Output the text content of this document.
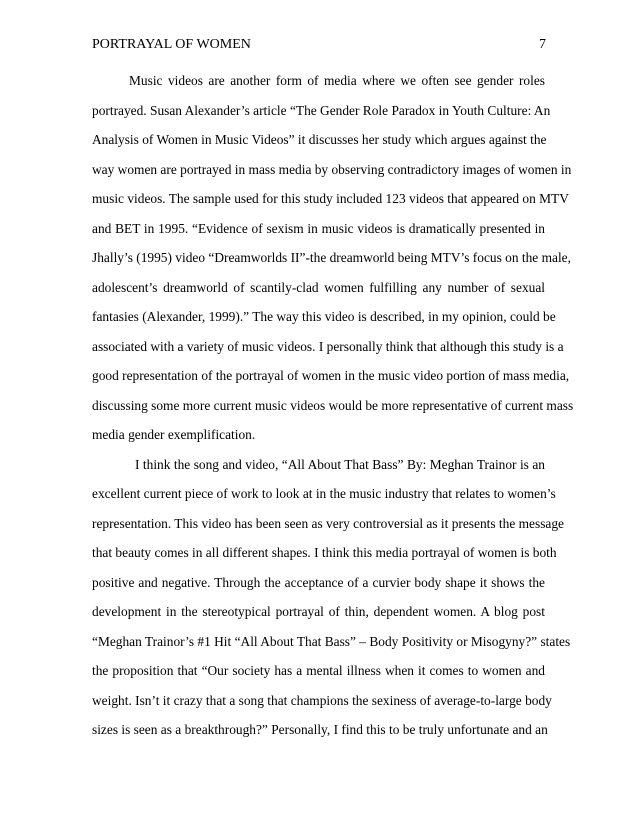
PORTRAYAL OF WOMEN	7
Music videos are another form of media where we often see gender roles
portrayed. Susan Alexander’s article “The Gender Role Paradox in Youth Culture: An
Analysis of Women in Music Videos” it discusses her study which argues against the
way women are portrayed in mass media by observing contradictory images of women in
music videos. The sample used for this study included 123 videos that appeared on MTV
and BET in 1995. “Evidence of sexism in music videos is dramatically presented in
Jhally’s (1995) video “Dreamworlds II”-the dreamworld being MTV’s focus on the male,
adolescent’s dreamworld of scantily-clad women fulfilling any number of sexual
fantasies (Alexander, 1999).” The way this video is described, in my opinion, could be
associated with a variety of music videos. I personally think that although this study is a
good representation of the portrayal of women in the music video portion of mass media,
discussing some more current music videos would be more representative of current mass
media gender exemplification.
I think the song and video, “All About That Bass” By: Meghan Trainor is an
excellent current piece of work to look at in the music industry that relates to women’s
representation. This video has been seen as very controversial as it presents the message
that beauty comes in all different shapes. I think this media portrayal of women is both
positive and negative. Through the acceptance of a curvier body shape it shows the
development in the stereotypical portrayal of thin, dependent women. A blog post
“Meghan Trainor’s #1 Hit “All About That Bass” – Body Positivity or Misogyny?” states
the proposition that “Our society has a mental illness when it comes to women and
weight. Isn’t it crazy that a song that champions the sexiness of average-to-large body
sizes is seen as a breakthrough?” Personally, I find this to be truly unfortunate and an
